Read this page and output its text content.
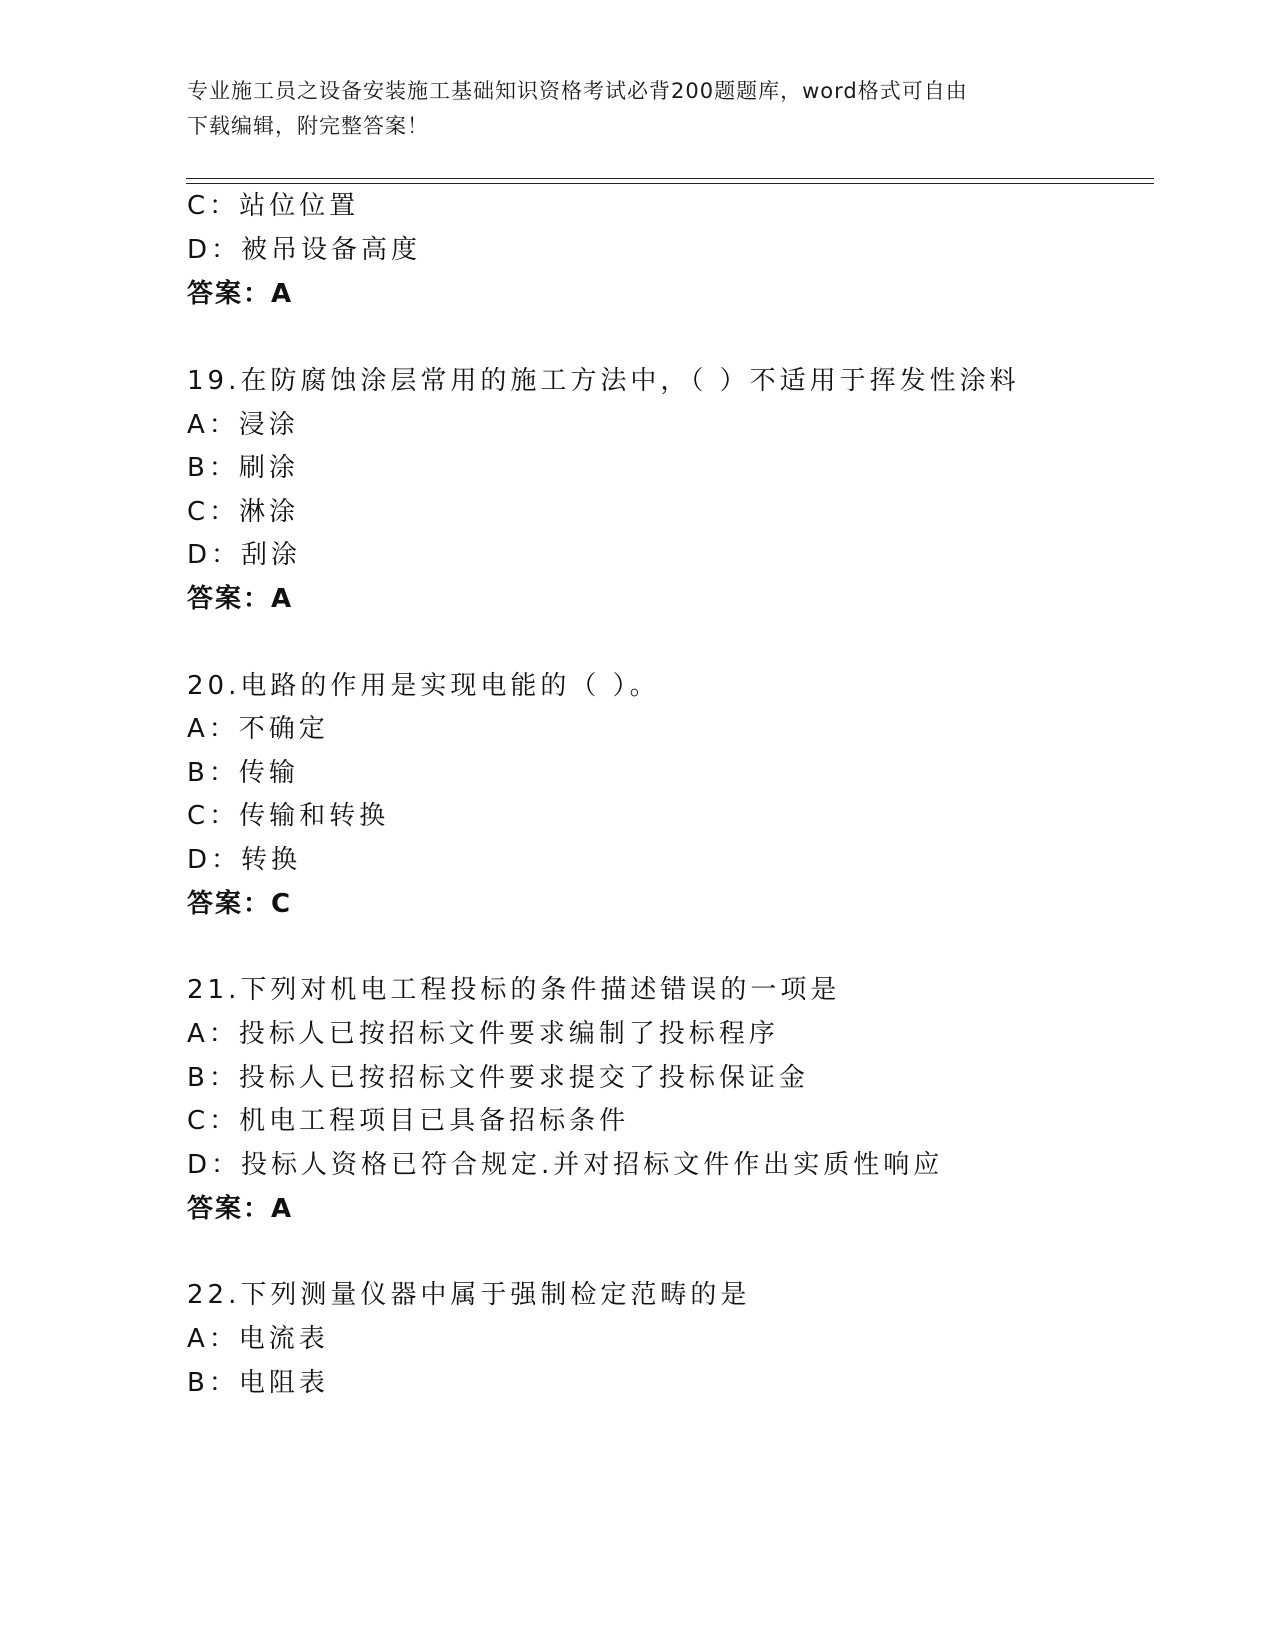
专业施工员之设备安装施工基础知识资格考试必背200题题库，word格式可自由
下载编辑，附完整答案！
C：站位位置
D：被吊设备高度
答案：A
19.在防腐蚀涂层常用的施工方法中，（ ）不适用于挥发性涂料
A：浸涂
B：刷涂
C：淋涂
D：刮涂
答案：A
20.电路的作用是实现电能的（ ）。
A：不确定
B：传输
C：传输和转换
D：转换
答案：C
21.下列对机电工程投标的条件描述错误的一项是
A：投标人已按招标文件要求编制了投标程序
B：投标人已按招标文件要求提交了投标保证金
C：机电工程项目已具备招标条件
D：投标人资格已符合规定.并对招标文件作出实质性响应
答案：A
22.下列测量仪器中属于强制检定范畴的是
A：电流表
B：电阻表
